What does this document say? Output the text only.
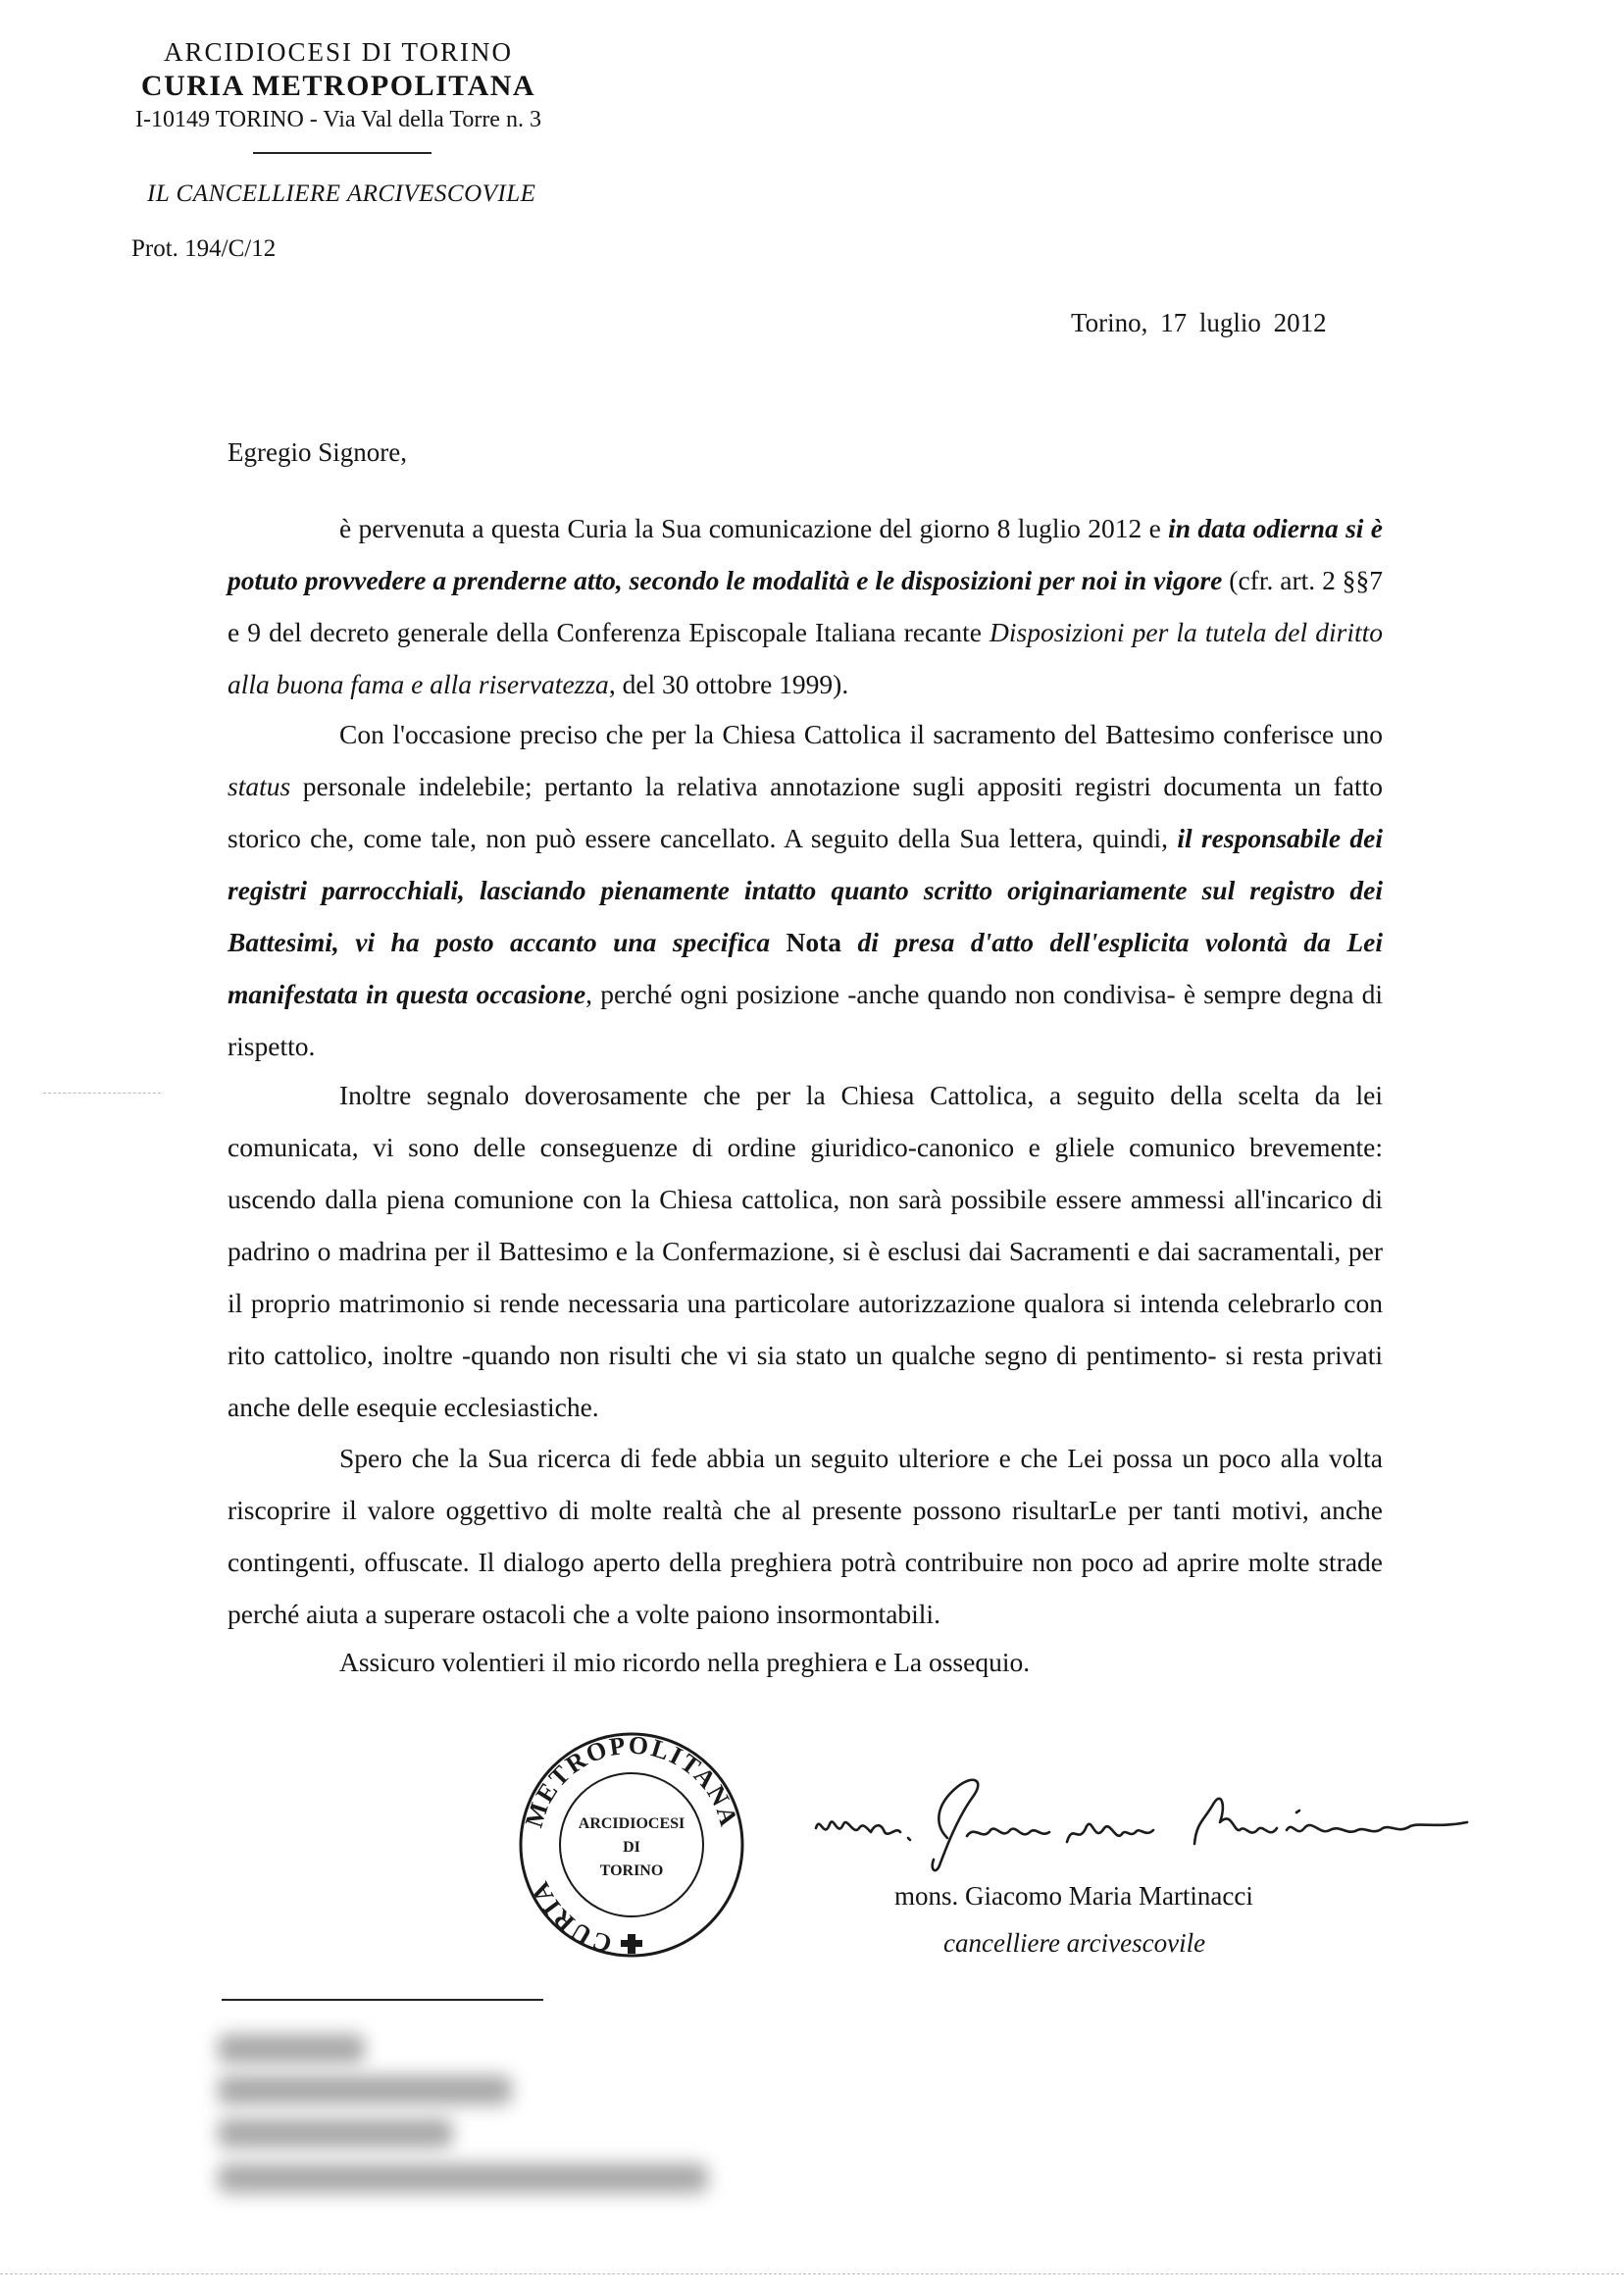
ARCIDIOCESI DI TORINO
CURIA METROPOLITANA
I-10149 TORINO - Via Val della Torre n. 3
IL CANCELLIERE ARCIVESCOVILE
Prot. 194/C/12
Torino, 17 luglio 2012
Egregio Signore,
è pervenuta a questa Curia la Sua comunicazione del giorno 8 luglio 2012 e in data odierna si è potuto provvedere a prenderne atto, secondo le modalità e le disposizioni per noi in vigore (cfr. art. 2 §§7 e 9 del decreto generale della Conferenza Episcopale Italiana recante Disposizioni per la tutela del diritto alla buona fama e alla riservatezza, del 30 ottobre 1999).
Con l'occasione preciso che per la Chiesa Cattolica il sacramento del Battesimo conferisce uno status personale indelebile; pertanto la relativa annotazione sugli appositi registri documenta un fatto storico che, come tale, non può essere cancellato. A seguito della Sua lettera, quindi, il responsabile dei registri parrocchiali, lasciando pienamente intatto quanto scritto originariamente sul registro dei Battesimi, vi ha posto accanto una specifica Nota di presa d'atto dell'esplicita volontà da Lei manifestata in questa occasione, perché ogni posizione -anche quando non condivisa- è sempre degna di rispetto.
Inoltre segnalo doverosamente che per la Chiesa Cattolica, a seguito della scelta da lei comunicata, vi sono delle conseguenze di ordine giuridico-canonico e gliele comunico brevemente: uscendo dalla piena comunione con la Chiesa cattolica, non sarà possibile essere ammessi all'incarico di padrino o madrina per il Battesimo e la Confermazione, si è esclusi dai Sacramenti e dai sacramentali, per il proprio matrimonio si rende necessaria una particolare autorizzazione qualora si intenda celebrarlo con rito cattolico, inoltre -quando non risulti che vi sia stato un qualche segno di pentimento- si resta privati anche delle esequie ecclesiastiche.
Spero che la Sua ricerca di fede abbia un seguito ulteriore e che Lei possa un poco alla volta riscoprire il valore oggettivo di molte realtà che al presente possono risultarLe per tanti motivi, anche contingenti, offuscate. Il dialogo aperto della preghiera potrà contribuire non poco ad aprire molte strade perché aiuta a superare ostacoli che a volte paiono insormontabili.
Assicuro volentieri il mio ricordo nella preghiera e La ossequio.
METROPOLITANA
CURIA
ARCIDIOCESI
DI
TORINO
mons. Giacomo Maria Martinacci
cancelliere arcivescovile
